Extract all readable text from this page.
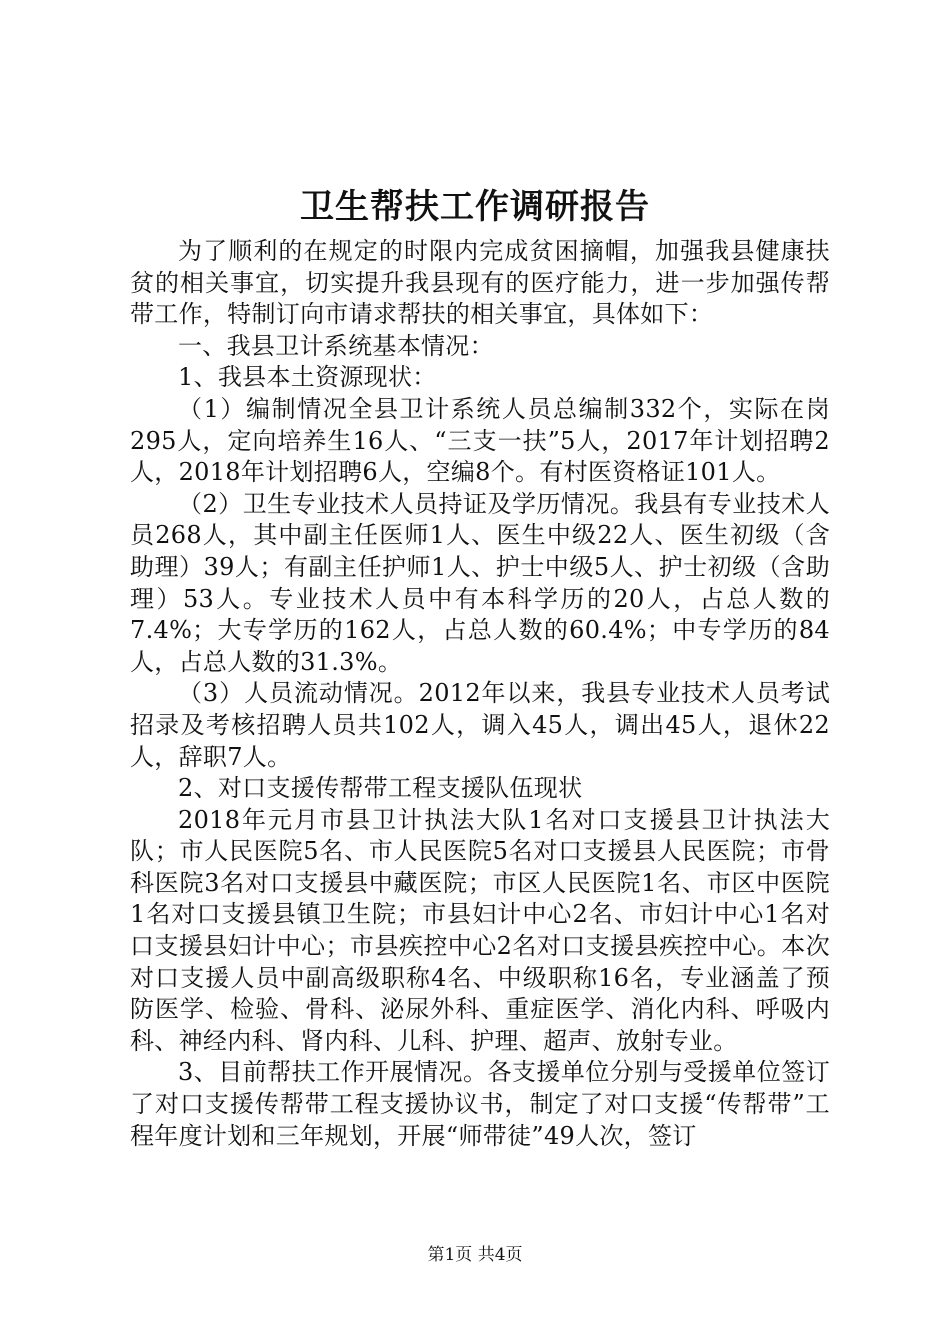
卫生帮扶工作调研报告

为了顺利的在规定的时限内完成贫困摘帽，加强我县健康扶贫的相关事宜，切实提升我县现有的医疗能力，进一步加强传帮带工作，特制订向市请求帮扶的相关事宜，具体如下：

一、我县卫计系统基本情况：

1、我县本土资源现状：

（1）编制情况全县卫计系统人员总编制332个，实际在岗295人，定向培养生16人、“三支一扶”5人，2017年计划招聘2人，2018年计划招聘6人，空编8个。有村医资格证101人。

（2）卫生专业技术人员持证及学历情况。我县有专业技术人员268人，其中副主任医师1人、医生中级22人、医生初级（含助理）39人；有副主任护师1人、护士中级5人、护士初级（含助理）53人。专业技术人员中有本科学历的20人，占总人数的7.4%；大专学历的162人，占总人数的60.4%；中专学历的84人，占总人数的31.3%。

（3）人员流动情况。2012年以来，我县专业技术人员考试招录及考核招聘人员共102人，调入45人，调出45人，退休22人，辞职7人。

2、对口支援传帮带工程支援队伍现状

2018年元月市县卫计执法大队1名对口支援县卫计执法大队；市人民医院5名、市人民医院5名对口支援县人民医院；市骨科医院3名对口支援县中藏医院；市区人民医院1名、市区中医院1名对口支援县镇卫生院；市县妇计中心2名、市妇计中心1名对口支援县妇计中心；市县疾控中心2名对口支援县疾控中心。本次对口支援人员中副高级职称4名、中级职称16名，专业涵盖了预防医学、检验、骨科、泌尿外科、重症医学、消化内科、呼吸内科、神经内科、肾内科、儿科、护理、超声、放射专业。

3、目前帮扶工作开展情况。各支援单位分别与受援单位签订了对口支援传帮带工程支援协议书，制定了对口支援“传帮带”工程年度计划和三年规划，开展“师带徒”49人次，签订

第1页 共4页
